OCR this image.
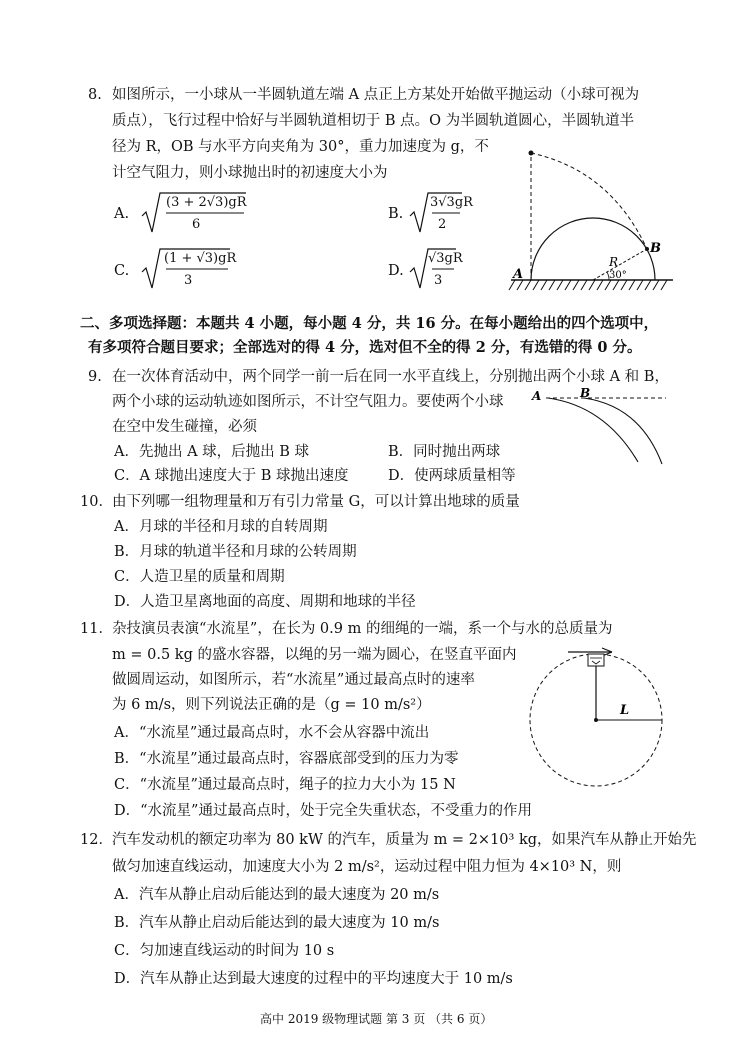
8. 如图所示，一小球从一半圆轨道左端 A 点正上方某处开始做平抛运动（小球可视为
质点），飞行过程中恰好与半圆轨道相切于 B 点。O 为半圆轨道圆心，半圆轨道半
径为 R，OB 与水平方向夹角为 30°，重力加速度为 g，不
计空气阻力，则小球抛出时的初速度大小为
A.
(3 + 2√3)gR
6
B.
3√3gR
2
C.
(1 + √3)gR
3
D.
√3gR
3	A
B
R
30°
二、多项选择题：本题共 4 小题，每小题 4 分，共 16 分。在每小题给出的四个选项中，
有多项符合题目要求；全部选对的得 4 分，选对但不全的得 2 分，有选错的得 0 分。
9. 在一次体育活动中，两个同学一前一后在同一水平直线上，分别抛出两个小球 A 和 B，
两个小球的运动轨迹如图所示，不计空气阻力。要使两个小球
在空中发生碰撞，必须
A．先抛出 A 球，后抛出 B 球	B．同时抛出两球
C．A 球抛出速度大于 B 球抛出速度	D．使两球质量相等
A	B
10． 由下列哪一组物理量和万有引力常量 G，可以计算出地球的质量
A．月球的半径和月球的自转周期
B．月球的轨道半径和月球的公转周期
C．人造卫星的质量和周期
D．人造卫星离地面的高度、周期和地球的半径
11． 杂技演员表演“水流星”，在长为 0.9 m 的细绳的一端，系一个与水的总质量为
m = 0.5 kg 的盛水容器，以绳的另一端为圆心，在竖直平面内
做圆周运动，如图所示，若“水流星”通过最高点时的速率
为 6 m/s，则下列说法正确的是（g = 10 m/s²）
A．“水流星”通过最高点时，水不会从容器中流出
B．“水流星”通过最高点时，容器底部受到的压力为零
C．“水流星”通过最高点时，绳子的拉力大小为 15 N
D．“水流星”通过最高点时，处于完全失重状态，不受重力的作用
L
12． 汽车发动机的额定功率为 80 kW 的汽车，质量为 m = 2×10³ kg，如果汽车从静止开始先
做匀加速直线运动，加速度大小为 2 m/s²，运动过程中阻力恒为 4×10³ N，则
A．汽车从静止启动后能达到的最大速度为 20 m/s
B．汽车从静止启动后能达到的最大速度为 10 m/s
C．匀加速直线运动的时间为 10 s
D．汽车从静止达到最大速度的过程中的平均速度大于 10 m/s
高中 2019 级物理试题 第 3 页 （共 6 页）
